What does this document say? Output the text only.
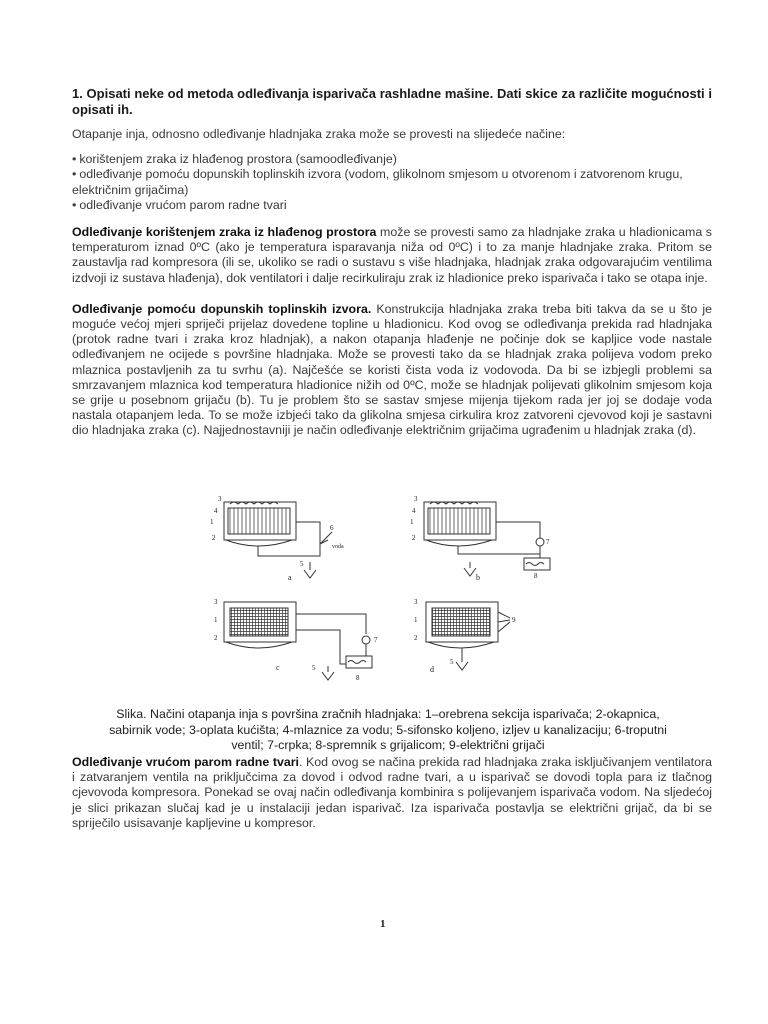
1. Opisati neke od metoda odleđivanja isparivača rashladne mašine. Dati skice za različite mogućnosti i opisati ih.

Otapanje inja, odnosno odleđivanje hladnjaka zraka može se provesti na slijedeće načine:

• korištenjem zraka iz hlađenog prostora (samoodleđivanje)

• odleđivanje pomoću dopunskih toplinskih izvora (vodom, glikolnom smjesom u otvorenom i zatvorenom krugu, električnim grijačima)

• odleđivanje vrućom parom radne tvari

Odleđivanje korištenjem zraka iz hlađenog prostora može se provesti samo za hladnjake zraka u hladionicama s temperaturom iznad 0ºC (ako je temperatura isparavanja niža od 0ºC) i to za manje hladnjake zraka. Pritom se zaustavlja rad kompresora (ili se, ukoliko se radi o sustavu s više hladnjaka, hladnjak zraka odgovarajućim ventilima izdvoji iz sustava hlađenja), dok ventilatori i dalje recirkuliraju zrak iz hladionice preko isparivača i tako se otapa inje.

Odleđivanje pomoću dopunskih toplinskih izvora. Konstrukcija hladnjaka zraka treba biti takva da se u što je moguće većoj mjeri spriječi prijelaz dovedene topline u hladionicu. Kod ovog se odleđivanja prekida rad hladnjaka (protok radne tvari i zraka kroz hladnjak), a nakon otapanja hlađenje ne počinje dok se kapljice vode nastale odleđivanjem ne ocijede s površine hladnjaka. Može se provesti tako da se hladnjak zraka polijeva vodom preko mlaznica postavljenih za tu svrhu (a). Najčešće se koristi čista voda iz vodovoda. Da bi se izbjegli problemi sa smrzavanjem mlaznica kod temperatura hladionice nižih od 0ºC, može se hladnjak polijevati glikolnim smjesom koja se grije u posebnom grijaču (b). Tu je problem što se sastav smjese mijenja tijekom rada jer joj se dodaje voda nastala otapanjem leda. To se može izbjeći tako da glikolna smjesa cirkulira kroz zatvoreni cjevovod koji je sastavni dio hladnjaka zraka (c). Najjednostavniji je način odleđivanje električnim grijačima ugrađenim u hladnjak zraka (d).

3
4
1
2
6
voda
5
a
3
4
1
2	7
8
b
3
1
2	7
5
8
c
3
1
2
9
5
d

Slika. Načini otapanja inja s površina zračnih hladnjaka: 1–orebrena sekcija isparivača; 2-okapnica, sabirnik vode; 3-oplata kućišta; 4-mlaznice za vodu; 5-sifonsko koljeno, izljev u kanalizaciju; 6-troputni ventil; 7-crpka; 8-spremnik s grijalicom; 9-električni grijači

Odleđivanje vrućom parom radne tvari. Kod ovog se načina prekida rad hladnjaka zraka isključivanjem ventilatora i zatvaranjem ventila na priključcima za dovod i odvod radne tvari, a u isparivač se dovodi topla para iz tlačnog cjevovoda kompresora. Ponekad se ovaj način odleđivanja kombinira s polijevanjem isparivača vodom. Na sljedećoj je slici prikazan slučaj kad je u instalaciji jedan isparivač. Iza isparivača postavlja se električni grijač, da bi se spriječilo usisavanje kapljevine u kompresor.

1
